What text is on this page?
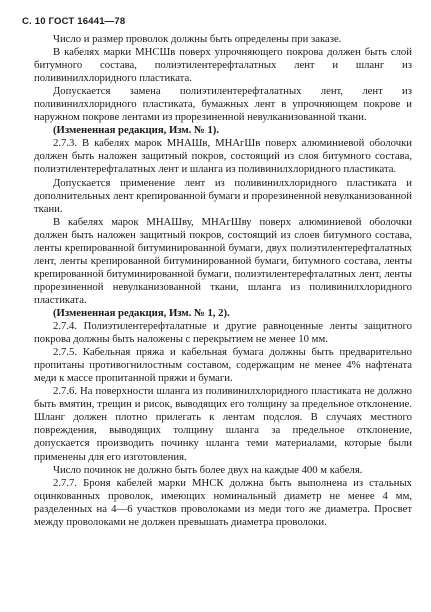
С. 10 ГОСТ 16441—78

Число и размер проволок должны быть определены при заказе.

В кабелях марки МНСШв поверх упрочняющего покрова должен быть слой битумного состава, полиэтилентерефталатных лент и шланг из поливинилхлоридного пластиката.

Допускается замена полиэтилентерефталатных лент, лент из поливинилхлоридного пластиката, бумажных лент в упрочняющем покрове и наружном покрове лентами из прорезиненной невулканизованной ткани.

(Измененная редакция, Изм. № 1).

2.7.3. В кабелях марок МНАШв, МНАгШв поверх алюминиевой оболочки должен быть наложен защитный покров, состоящий из слоя битумного состава, полиэтилентерефталатных лент и шланга из поливинилхлоридного пластиката.

Допускается применение лент из поливинилхлоридного пластиката и дополнительных лент крепированной бумаги и прорезиненной невулканизованной ткани.

В кабелях марок МНАШву, МНАгШву поверх алюминиевой оболочки должен быть наложен защитный покров, состоящий из слоев битумного состава, ленты крепированной битуминированной бумаги, двух полиэтилентерефталатных лент, ленты крепированной битуминированной бумаги, битумного состава, ленты крепированной битуминированной бумаги, полиэтилентерефталатных лент, ленты прорезиненной невулканизованной ткани, шланга из поливинилхлоридного пластиката.

(Измененная редакция, Изм. № 1, 2).

2.7.4. Полиэтилентерефталатные и другие равноценные ленты защитного покрова должны быть наложены с перекрытием не менее 10 мм.

2.7.5. Кабельная пряжа и кабельная бумага должны быть предварительно пропитаны противогнилостным составом, содержащим не менее 4% нафтената меди к массе пропитанной пряжи и бумаги.

2.7.6. На поверхности шланга из поливинилхлоридного пластиката не должно быть вмятин, трещин и рисок, выводящих его толщину за предельное отклонение. Шланг должен плотно прилегать к лентам подслоя. В случаях местного повреждения, выводящих толщину шланга за предельное отклонение, допускается производить починку шланга теми материалами, которые были применены для его изготовления.

Число починок не должно быть более двух на каждые 400 м кабеля.

2.7.7. Броня кабелей марки МНСК должна быть выполнена из стальных оцинкованных проволок, имеющих номинальный диаметр не менее 4 мм, разделенных на 4—6 участков проволоками из меди того же диаметра. Просвет между проволоками не должен превышать диаметра проволоки.
